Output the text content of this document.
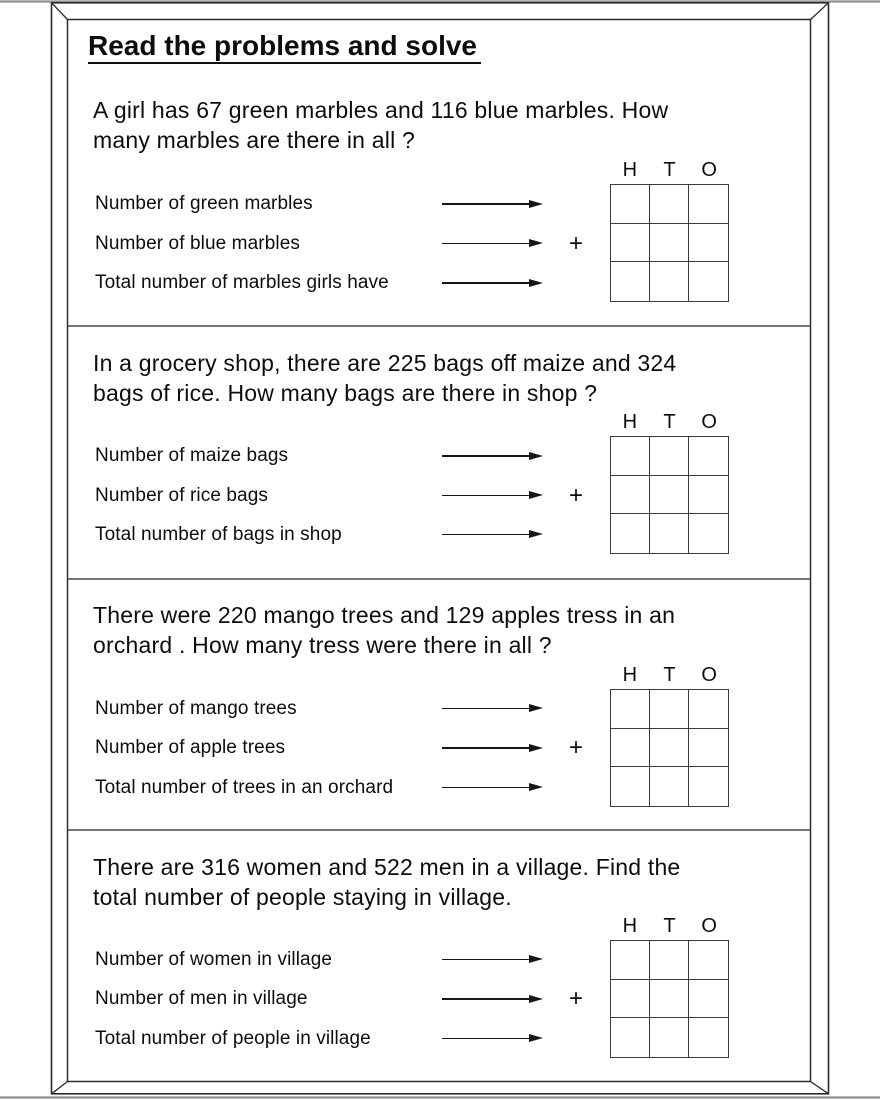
Read the problems and solve
A girl has 67 green marbles and 116 blue marbles. How
many marbles are there in all ?
H	T	O
Number of green marbles
Number of blue marbles	+
Total number of marbles girls have
In a grocery shop, there are 225 bags off maize and 324
bags of rice. How many bags are there in shop ?
H	T	O
Number of maize bags
Number of rice bags	+
Total number of bags in shop
There were 220 mango trees and 129 apples tress in an
orchard . How many tress were there in all ?
H	T	O
Number of mango trees
Number of apple trees	+
Total number of trees in an orchard
There are 316 women and 522 men in a village. Find the
total number of people staying in village.
H	T	O
Number of women in village
Number of men in village	+
Total number of people in village
